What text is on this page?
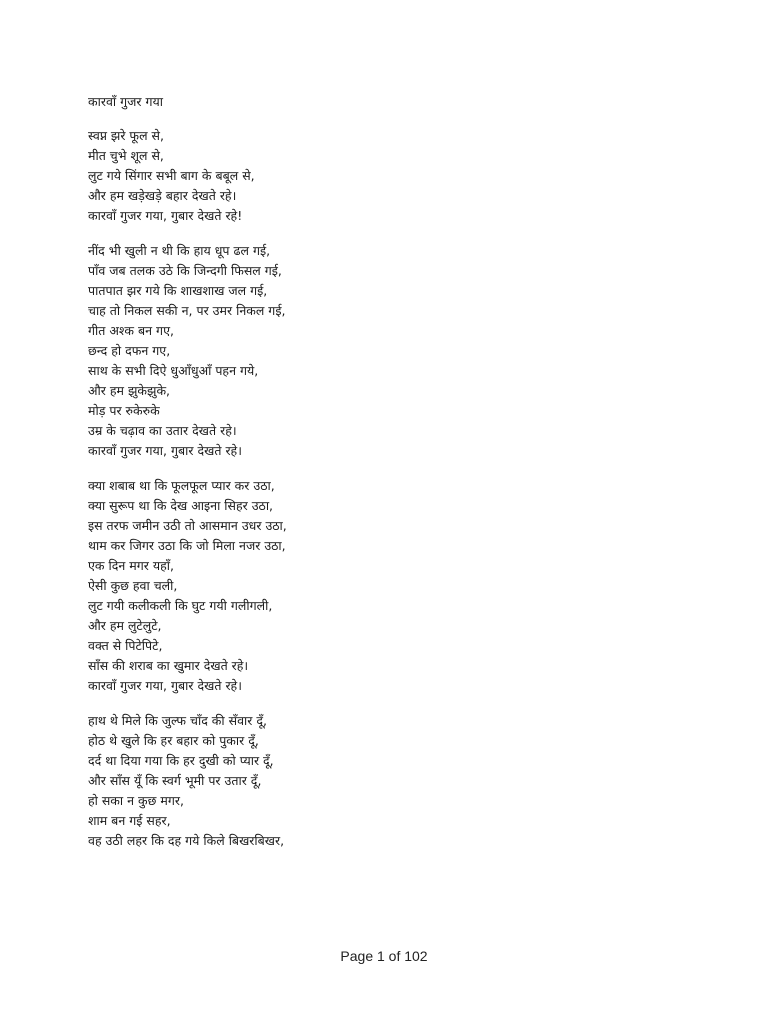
कारवाँ गुजर गया
स्वप्न झरे फूल से,
मीत चुभे शूल से,
लुट गये सिंगार सभी बाग के बबूल से,
और हम खड़ेखड़े बहार देखते रहे।
कारवाँ गुजर गया, गुबार देखते रहे!
नींद भी खुली न थी कि हाय धूप ढल गई,
पाँव जब तलक उठे कि जिन्दगी फिसल गई,
पातपात झर गये कि शाखशाख जल गई,
चाह तो निकल सकी न, पर उमर निकल गई,
गीत अश्क बन गए,
छन्द हो दफन गए,
साथ के सभी दिऐ धुआँधुआँ पहन गये,
और हम झुकेझुके,
मोड़ पर रुकेरुके
उम्र के चढ़ाव का उतार देखते रहे।
कारवाँ गुजर गया, गुबार देखते रहे।
क्या शबाब था कि फूलफूल प्यार कर उठा,
क्या सुरूप था कि देख आइना सिहर उठा,
इस तरफ जमीन उठी तो आसमान उधर उठा,
थाम कर जिगर उठा कि जो मिला नजर उठा,
एक दिन मगर यहाँ,
ऐसी कुछ हवा चली,
लुट गयी कलीकली कि घुट गयी गलीगली,
और हम लुटेलुटे,
वक्त से पिटेपिटे,
साँस की शराब का खुमार देखते रहे।
कारवाँ गुजर गया, गुबार देखते रहे।
हाथ थे मिले कि जुल्फ चाँद की सँवार दूँ,
होठ थे खुले कि हर बहार को पुकार दूँ,
दर्द था दिया गया कि हर दुखी को प्यार दूँ,
और साँस यूँ कि स्वर्ग भूमी पर उतार दूँ,
हो सका न कुछ मगर,
शाम बन गई सहर,
वह उठी लहर कि दह गये किले बिखरबिखर,
Page 1 of 102
